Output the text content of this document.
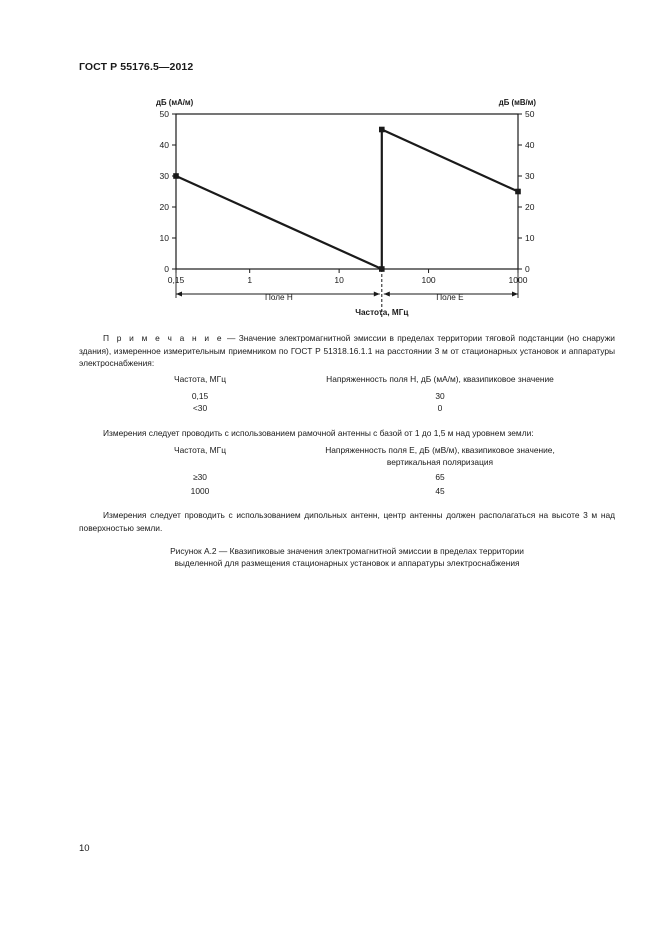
ГОСТ Р 55176.5—2012
0	0
10	10
20	20
30	30
40	40
50	50
дБ (мА/м)	дБ (мВ/м)
0,15	1	10	100	1000
Поле H	Поле E
Частота, МГц
П р и м е ч а н и е — Значение электромагнитной эмиссии в пределах территории тяговой подстанции (но снаружи здания), измеренное измерительным приемником по ГОСТ Р 51318.16.1.1 на расстоянии 3 м от стационарных установок и аппаратуры электроснабжения:
Частота, МГц	Напряженность поля H, дБ (мА/м), квазипиковое значение
0,15	30
<30	0
Измерения следует проводить с использованием рамочной антенны с базой от 1 до 1,5 м над уровнем земли:
Частота, МГц	Напряженность поля E, дБ (мВ/м), квазипиковое значение,
вертикальная поляризация
≥30	65
1000	45
Измерения следует проводить с использованием дипольных антенн, центр антенны должен располагаться на высоте 3 м над поверхностью земли.
Рисунок А.2 — Квазипиковые значения электромагнитной эмиссии в пределах территории
выделенной для размещения стационарных установок и аппаратуры электроснабжения
10
